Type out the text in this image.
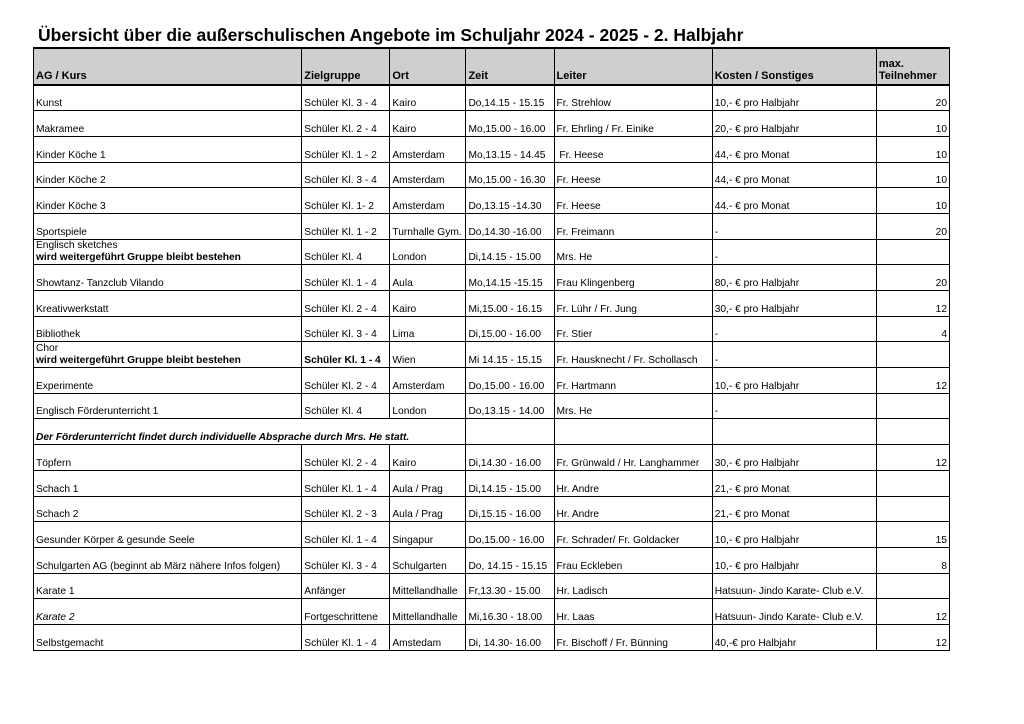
Übersicht über die außerschulischen Angebote im Schuljahr 2024 - 2025 - 2. Halbjahr
AG / Kurs	Zielgruppe	Ort	Zeit	Leiter	Kosten / Sonstiges	max.
Teilnehmer

Kunst	Schüler Kl. 3 - 4	Kairo	Do,14.15 - 15.15	Fr. Strehlow	10,- € pro Halbjahr	20
Makramee	Schüler Kl. 2 - 4	Kairo	Mo,15.00 - 16.00	Fr. Ehrling / Fr. Einike	20,- € pro Halbjahr	10
Kinder Köche 1	Schüler Kl. 1 - 2	Amsterdam	Mo,13.15 - 14.45	Fr. Heese	44,- € pro Monat	10
Kinder Köche 2	Schüler Kl. 3 - 4	Amsterdam	Mo,15.00 - 16.30	Fr. Heese	44,- € pro Monat	10
Kinder Köche 3	Schüler Kl. 1- 2	Amsterdam	Do,13.15 -14.30	Fr. Heese	44.- € pro Monat	10
Sportspiele	Schüler Kl. 1 - 2	Turnhalle Gym.	Do,14.30 -16.00	Fr. Freimann	-	20

Englisch sketches
wird weitergeführt Gruppe bleibt bestehen	Schüler Kl. 4	London	Di,14.15 - 15.00	Mrs. He	-	
Showtanz- Tanzclub Vilando	Schüler Kl. 1 - 4	Aula	Mo,14.15 -15.15	Frau Klingenberg	80,- € pro Halbjahr	20
Kreativwerkstatt	Schüler Kl. 2 - 4	Kairo	Mi,15.00 - 16.15	Fr. Lühr / Fr. Jung	30,- € pro Halbjahr	12
Bibliothek	Schüler Kl. 3 - 4	Lima	Di,15.00 - 16.00	Fr. Stier	-	4

Chor
wird weitergeführt Gruppe bleibt bestehen	Schüler Kl. 1 - 4	Wien	Mi 14.15 - 15.15	Fr. Hausknecht / Fr. Schollasch	-	
Experimente	Schüler Kl. 2 - 4	Amsterdam	Do,15.00 - 16.00	Fr. Hartmann	10,- € pro Halbjahr	12
Englisch Förderunterricht 1	Schüler Kl. 4	London	Do,13.15 - 14.00	Mrs. He	-	
Der Förderunterricht findet durch individuelle Absprache durch Mrs. He statt.						
Töpfern	Schüler Kl. 2 - 4	Kairo	Di,14.30 - 16.00	Fr. Grünwald / Hr. Langhammer	30,- € pro Halbjahr	12
Schach 1	Schüler Kl. 1 - 4	Aula / Prag	Di,14.15 - 15.00	Hr. Andre	21,- € pro Monat	
Schach 2	Schüler Kl. 2 - 3	Aula / Prag	Di,15.15 - 16.00	Hr. Andre	21,- € pro Monat	
Gesunder Körper & gesunde Seele	Schüler Kl. 1 - 4	Singapur	Do,15.00 - 16.00	Fr. Schrader/ Fr. Goldacker	10,- € pro Halbjahr	15
Schulgarten AG (beginnt ab März nähere Infos folgen)	Schüler Kl. 3 - 4	Schulgarten	Do, 14.15 - 15.15	Frau Eckleben	10,- € pro Halbjahr	8
Karate 1	Anfänger	Mittellandhalle	Fr,13.30 - 15.00	Hr. Ladisch	Hatsuun- Jindo Karate- Club e.V.	
Karate 2	Fortgeschrittene	Mittellandhalle	Mi,16.30 - 18.00	Hr. Laas	Hatsuun- Jindo Karate- Club e.V.	12
Selbstgemacht	Schüler Kl. 1 - 4	Amstedam	Di, 14.30- 16.00	Fr. Bischoff / Fr. Bünning	40,-€ pro Halbjahr	12
